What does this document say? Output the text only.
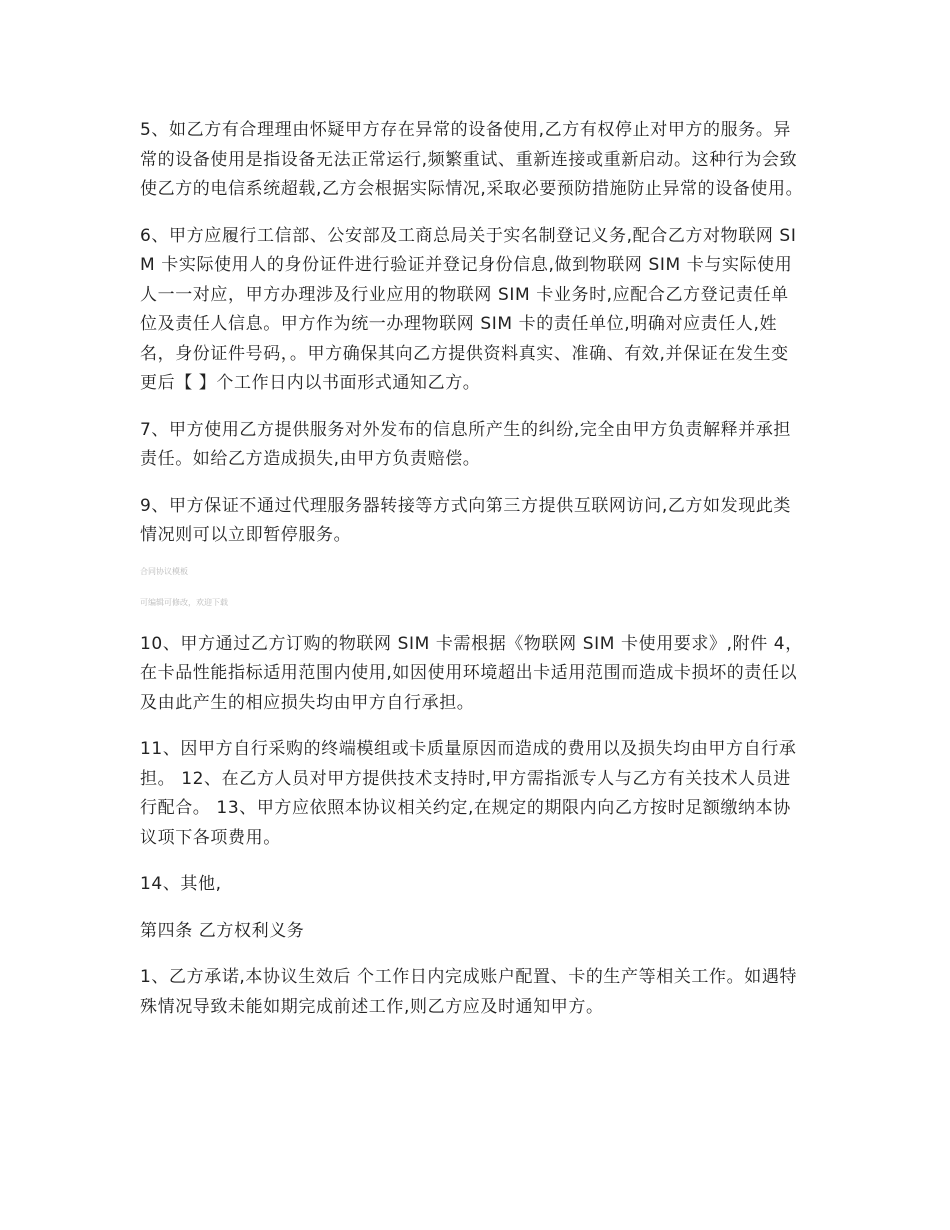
5、如乙方有合理理由怀疑甲方存在异常的设备使用,乙方有权停止对甲方的服务。异常的设备使用是指设备无法正常运行,频繁重试、重新连接或重新启动。这种行为会致使乙方的电信系统超载,乙方会根据实际情况,采取必要预防措施防止异常的设备使用。

6、甲方应履行工信部、公安部及工商总局关于实名制登记义务,配合乙方对物联网 SIM 卡实际使用人的身份证件进行验证并登记身份信息,做到物联网 SIM 卡与实际使用人一一对应，甲方办理涉及行业应用的物联网 SIM 卡业务时,应配合乙方登记责任单位及责任人信息。甲方作为统一办理物联网 SIM 卡的责任单位,明确对应责任人,姓名，身份证件号码，。甲方确保其向乙方提供资料真实、准确、有效,并保证在发生变更后【 】个工作日内以书面形式通知乙方。

7、甲方使用乙方提供服务对外发布的信息所产生的纠纷,完全由甲方负责解释并承担责任。如给乙方造成损失,由甲方负责赔偿。

9、甲方保证不通过代理服务器转接等方式向第三方提供互联网访问,乙方如发现此类情况则可以立即暂停服务。

合同协议模板

可编辑可修改，欢迎下载

10、甲方通过乙方订购的物联网 SIM 卡需根据《物联网 SIM 卡使用要求》,附件 4，在卡品性能指标适用范围内使用,如因使用环境超出卡适用范围而造成卡损坏的责任以及由此产生的相应损失均由甲方自行承担。

11、因甲方自行采购的终端模组或卡质量原因而造成的费用以及损失均由甲方自行承担。 12、在乙方人员对甲方提供技术支持时,甲方需指派专人与乙方有关技术人员进行配合。 13、甲方应依照本协议相关约定,在规定的期限内向乙方按时足额缴纳本协议项下各项费用。

14、其他,

第四条 乙方权利义务

1、乙方承诺,本协议生效后 个工作日内完成账户配置、卡的生产等相关工作。如遇特殊情况导致未能如期完成前述工作,则乙方应及时通知甲方。
